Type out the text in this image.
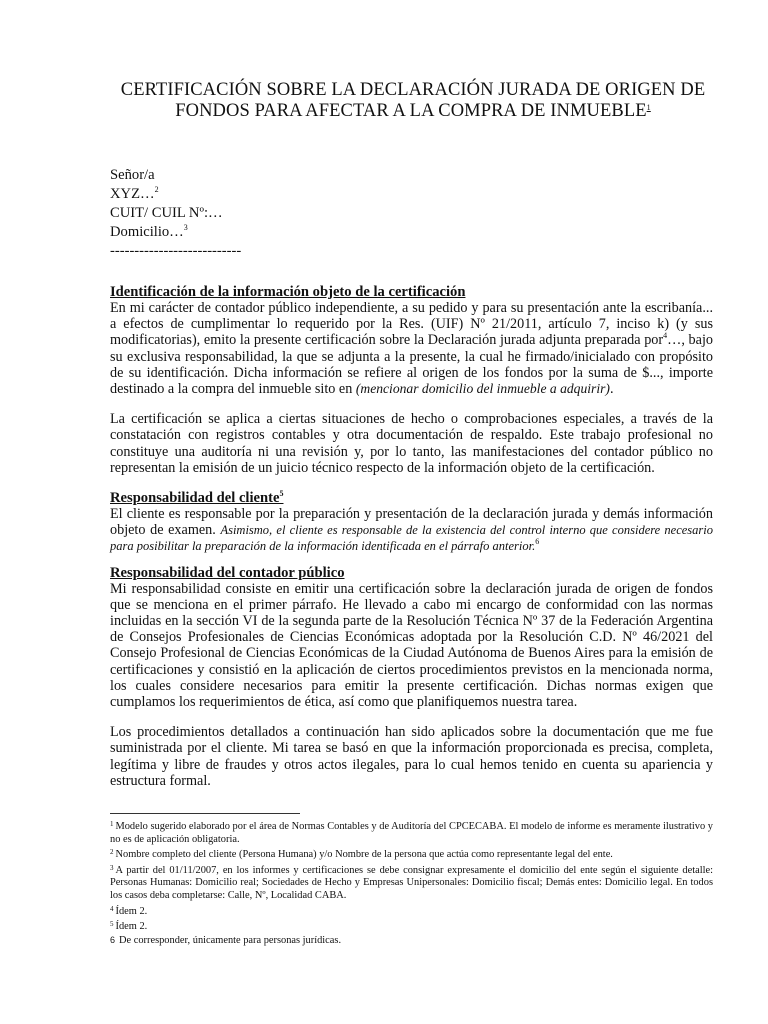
CERTIFICACIÓN SOBRE LA DECLARACIÓN JURADA DE ORIGEN DE
FONDOS PARA AFECTAR A LA COMPRA DE INMUEBLE$^1$
Señor/a
XYZ…$^2$
CUIT/ CUIL Nº:…
Domicilio…$^3$
---------------------------
Identificación de la información objeto de la certificación

En mi carácter de contador público independiente, a su pedido y para su presentación ante la escribanía... a efectos de cumplimentar lo requerido por la Res. (UIF) Nº 21/2011, artículo 7, inciso k) (y sus modificatorias), emito la presente certificación sobre la Declaración jurada adjunta preparada por$^4$…, bajo su exclusiva responsabilidad, la que se adjunta a la presente, la cual he firmado/inicialado con propósito de su identificación. Dicha información se refiere al origen de los fondos por la suma de $..., importe destinado a la compra del inmueble sito en (mencionar domicilio del inmueble a adquirir).

La certificación se aplica a ciertas situaciones de hecho o comprobaciones especiales, a través de la constatación con registros contables y otra documentación de respaldo. Este trabajo profesional no constituye una auditoría ni una revisión y, por lo tanto, las manifestaciones del contador público no representan la emisión de un juicio técnico respecto de la información objeto de la certificación.

Responsabilidad del cliente$^5$

El cliente es responsable por la preparación y presentación de la declaración jurada y demás información objeto de examen. Asimismo, el cliente es responsable de la existencia del control interno que considere necesario para posibilitar la preparación de la información identificada en el párrafo anterior.$^6$

Responsabilidad del contador público

Mi responsabilidad consiste en emitir una certificación sobre la declaración jurada de origen de fondos que se menciona en el primer párrafo. He llevado a cabo mi encargo de conformidad con las normas incluidas en la sección VI de la segunda parte de la Resolución Técnica Nº 37 de la Federación Argentina de Consejos Profesionales de Ciencias Económicas adoptada por la Resolución C.D. Nº 46/2021 del Consejo Profesional de Ciencias Económicas de la Ciudad Autónoma de Buenos Aires para la emisión de certificaciones y consistió en la aplicación de ciertos procedimientos previstos en la mencionada norma, los cuales considere necesarios para emitir la presente certificación. Dichas normas exigen que cumplamos los requerimientos de ética, así como que planifiquemos nuestra tarea.

Los procedimientos detallados a continuación han sido aplicados sobre la documentación que me fue suministrada por el cliente. Mi tarea se basó en que la información proporcionada es precisa, completa, legítima y libre de fraudes y otros actos ilegales, para lo cual hemos tenido en cuenta su apariencia y estructura formal.

$^1$ Modelo sugerido elaborado por el área de Normas Contables y de Auditoría del CPCECABA. El modelo de informe es meramente ilustrativo y no es de aplicación obligatoria.
$^2$ Nombre completo del cliente (Persona Humana) y/o Nombre de la persona que actúa como representante legal del ente.
$^3$ A partir del 01/11/2007, en los informes y certificaciones se debe consignar expresamente el domicilio del ente según el siguiente detalle: Personas Humanas: Domicilio real; Sociedades de Hecho y Empresas Unipersonales: Domicilio fiscal; Demás entes: Domicilio legal. En todos los casos deba completarse: Calle, Nº, Localidad CABA.
$^4$ Ídem 2.
$^5$ Ídem 2.
6 De corresponder, únicamente para personas jurídicas.
